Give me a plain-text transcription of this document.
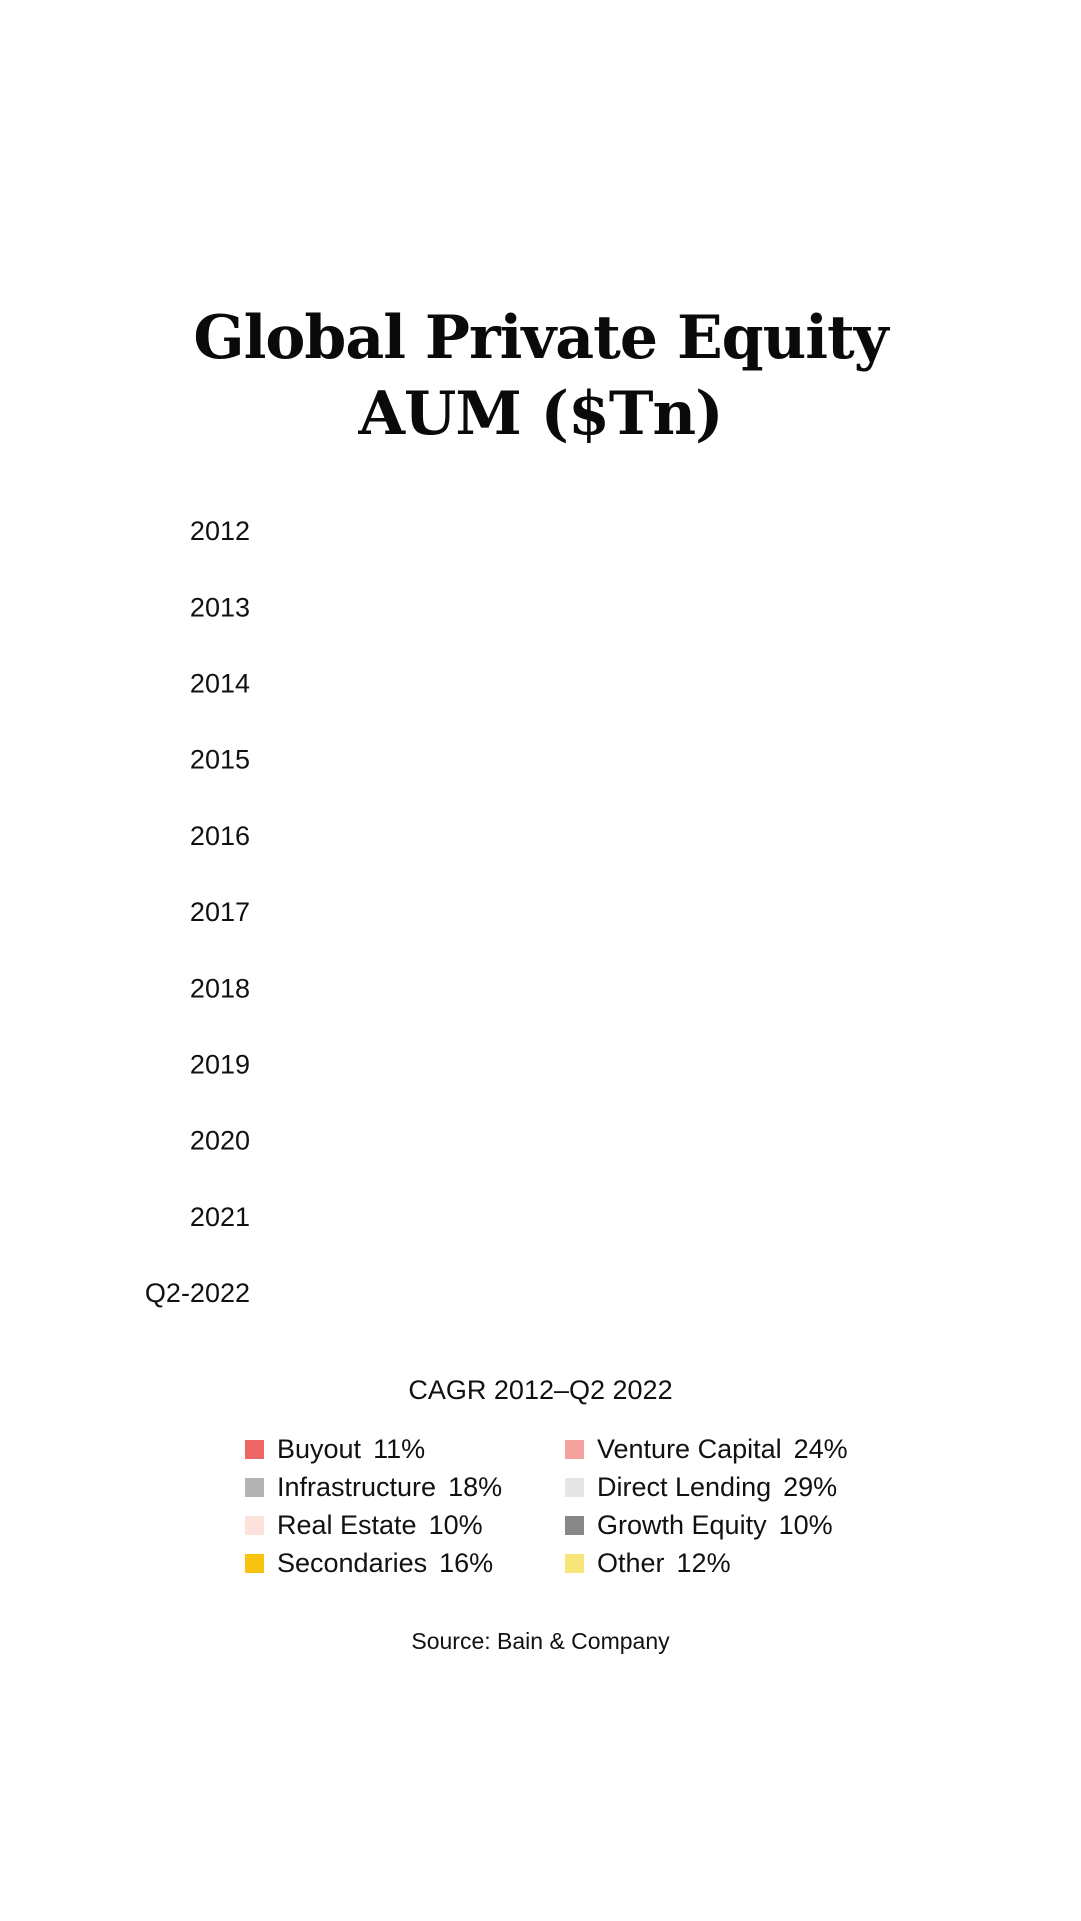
Global Private Equity
AUM ($Tn)
2012
2013
2014
2015
2016
2017
2018
2019
2020
2021
Q2-2022
CAGR 2012–Q2 2022
Buyout 11%	Venture Capital 24%
Infrastructure 18%	Direct Lending 29%
Real Estate 10%	Growth Equity 10%
Secondaries 16%	Other 12%
Source: Bain & Company
